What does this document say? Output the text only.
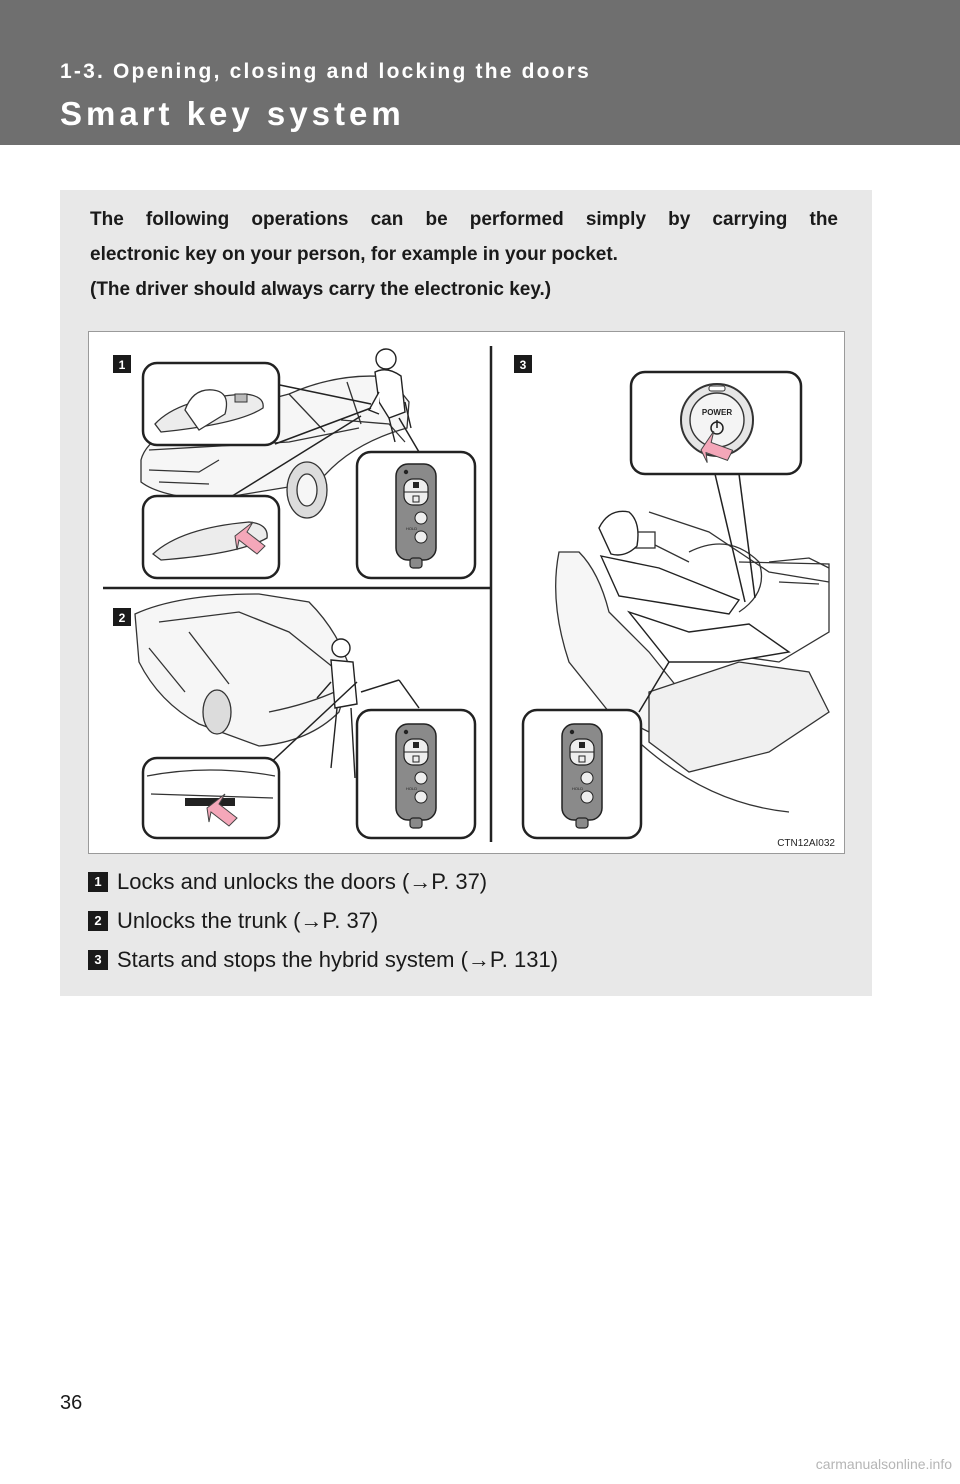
1-3. Opening, closing and locking the doors
Smart key system

The following operations can be performed simply by carrying the

electronic key on your person, for example in your pocket.

(The driver should always carry the electronic key.)

1
2
3
POWER
CTN12AI032
HOLD
HOLD	HOLD
1 Locks and unlocks the doors (→P. 37)
2 Unlocks the trunk (→P. 37)
3 Starts and stops the hybrid system (→P. 131)
36
carmanualsonline.info
